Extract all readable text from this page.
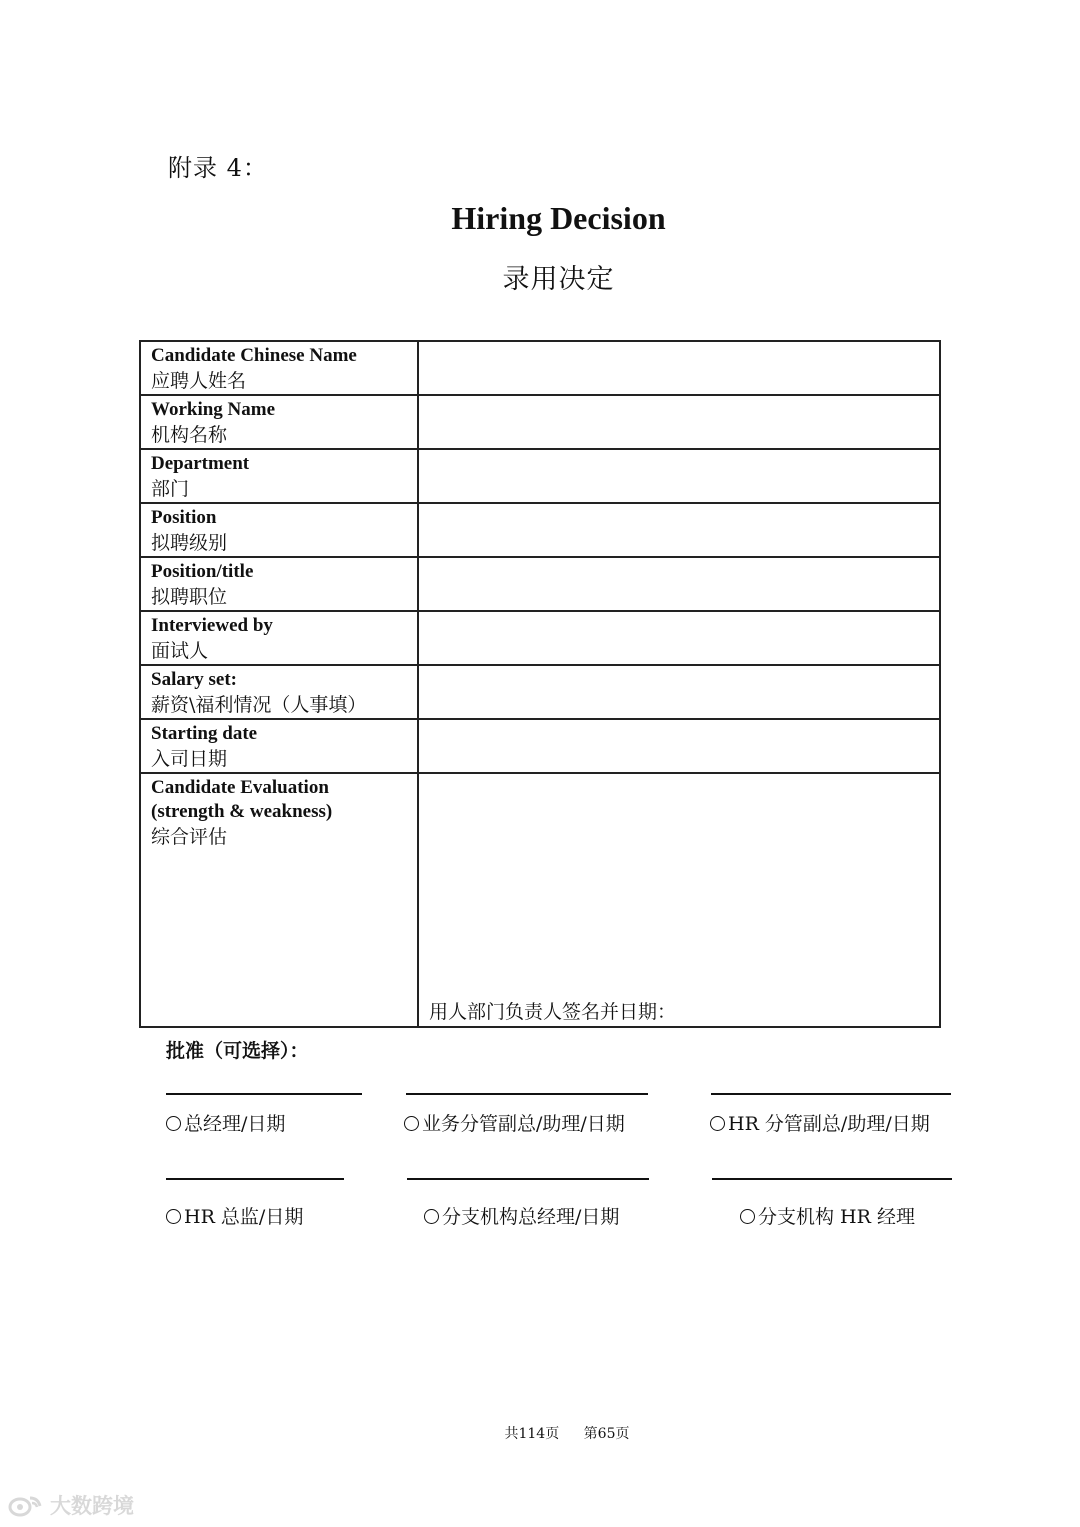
附录 4：
Hiring Decision
录用决定
Candidate Chinese Name
应聘人姓名	

Working Name
机构名称	

Department
部门	

Position
拟聘级别	

Position/title
拟聘职位	

Interviewed by
面试人	

Salary set:
薪资\福利情况（人事填）	

Starting date
入司日期	

Candidate Evaluation
(strength & weakness)
综合评估	用人部门负责人签名并日期：
批准（可选择）：
总经理/日期	业务分管副总/助理/日期	HR 分管副总/助理/日期
HR 总监/日期	分支机构总经理/日期	分支机构 HR 经理
共114页 第65页
大数跨境
